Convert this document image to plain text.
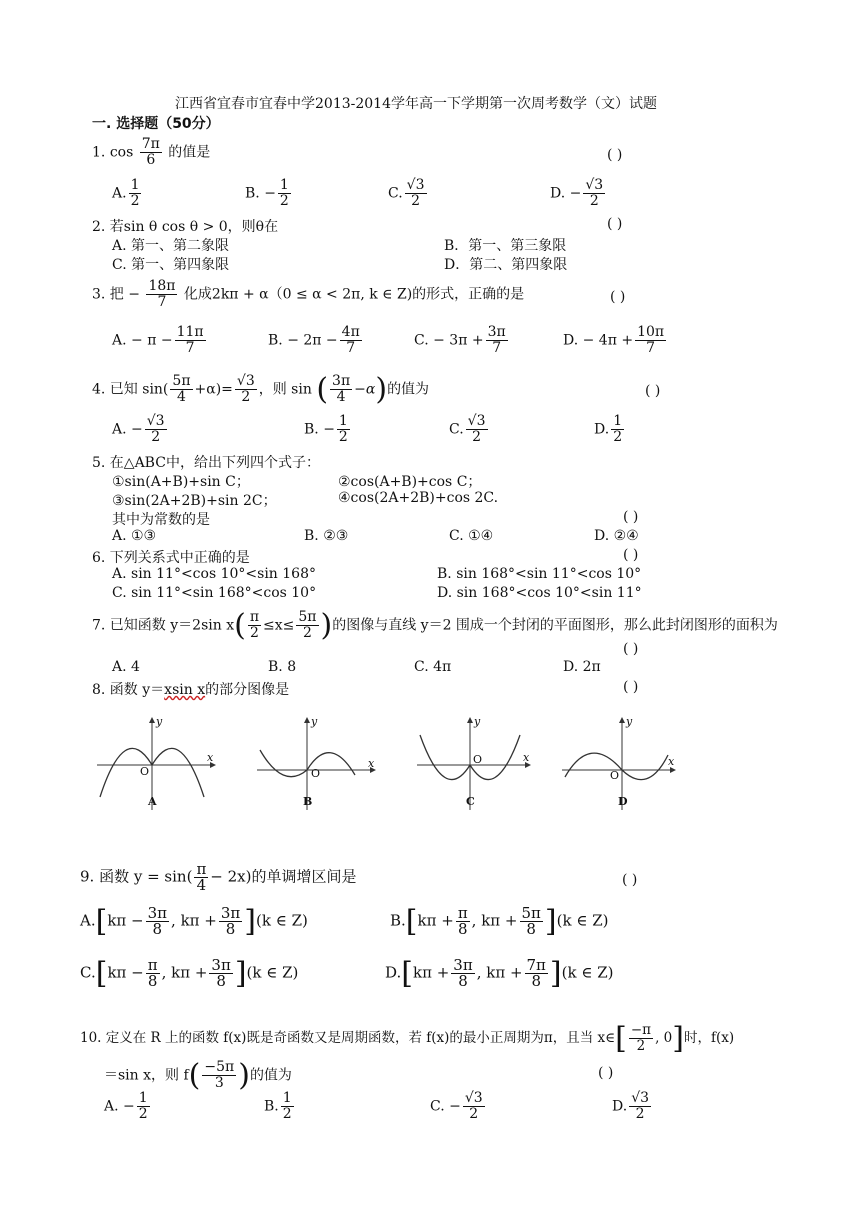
江西省宜春市宜春中学2013-2014学年高一下学期第一次周考数学（文）试题
一. 选择题（50分）
1. $\cos \frac{7\pi}{6}$ 的值是	( )
A. $\frac{1}{2}$	B. − $\frac{1}{2}$	C. $\frac{√3}{2}$	D. − $\frac{√3}{2}$
2. 若sin θ cos θ > 0，则θ在	( )
A. 第一、第二象限	B．第一、第三象限
C. 第一、第四象限	D．第二、第四象限
3. 把 − $\frac{18\pi}{7}$ 化成2kπ + α（0 ≤ α < 2π, k ∈ Z)的形式，正确的是	( )
A. − $\pi - \frac{11\pi}{7}$	B. − $2\pi - \frac{4\pi}{7}$	C. − $3\pi + \frac{3\pi}{7}$	D. − $4\pi + \frac{10\pi}{7}$
4. 已知 $\sin( \frac{5\pi}{4} +\alpha)= \frac{√3}{2}$ ，则 sin ( $\frac{3\pi}{4} -\alpha$)的值为	( )
A. − $\frac{√3}{2}$	B. − $\frac{1}{2}$	C. $\frac{√3}{2}$	D. $\frac{1}{2}$
5. 在△ABC中，给出下列四个式子：
①sin(A+B)+sin C；	②cos(A+B)+cos C；
③sin(2A+2B)+sin 2C；	④cos(2A+2B)+cos 2C.
其中为常数的是	( )
A. ①③	B. ②③	C. ①④	D. ②④
6. 下列关系式中正确的是	( )
A. sin 11°<cos 10°<sin 168°	B. sin 168°<sin 11°<cos 10°
C. sin 11°<sin 168°<cos 10°	D. sin 168°<cos 10°<sin 11°
7. 已知函数 y＝2sin $x( \frac{\pi}{2} \le x\le \frac{5\pi}{2}$ )的图像与直线 y＝2 围成一个封闭的平面图形，那么此封闭图形的面积为
( )
A. 4	B. 8	C. 4π	D. 2π
8. 函数 y＝xsin x的部分图像是	( )
O
y
x
A
O
y
x
B
O
y
x
C
O
y
x
D
9. 函数 $y = \sin( \frac{\pi}{4} - 2x)$的单调增区间是	( )
$A.[k\pi - \frac{3\pi}{8}$ , $k\pi + \frac{3\pi}{8} ](k$ ∈ Z)	$B.[k\pi + \frac{\pi}{8}$ , $k\pi + \frac{5\pi}{8} ](k$ ∈ Z)
$C.[k\pi - \frac{\pi}{8}$ , $k\pi + \frac{3\pi}{8} ](k$ ∈ Z)	$D.[k\pi + \frac{3\pi}{8}$ , $k\pi + \frac{7\pi}{8} ](k$ ∈ Z)
10. 定义在 R 上的函数 f(x)既是奇函数又是周期函数，若 f(x)的最小正周期为π，且当 x∈[ $\frac{-\pi}{2}$ , 0]时，f(x)
＝sin x，则 $f( \frac{-5\pi}{3}$ )的值为	( )
A. − $\frac{1}{2}$	B. $\frac{1}{2}$	C. − $\frac{√3}{2}$	D. $\frac{√3}{2}$
